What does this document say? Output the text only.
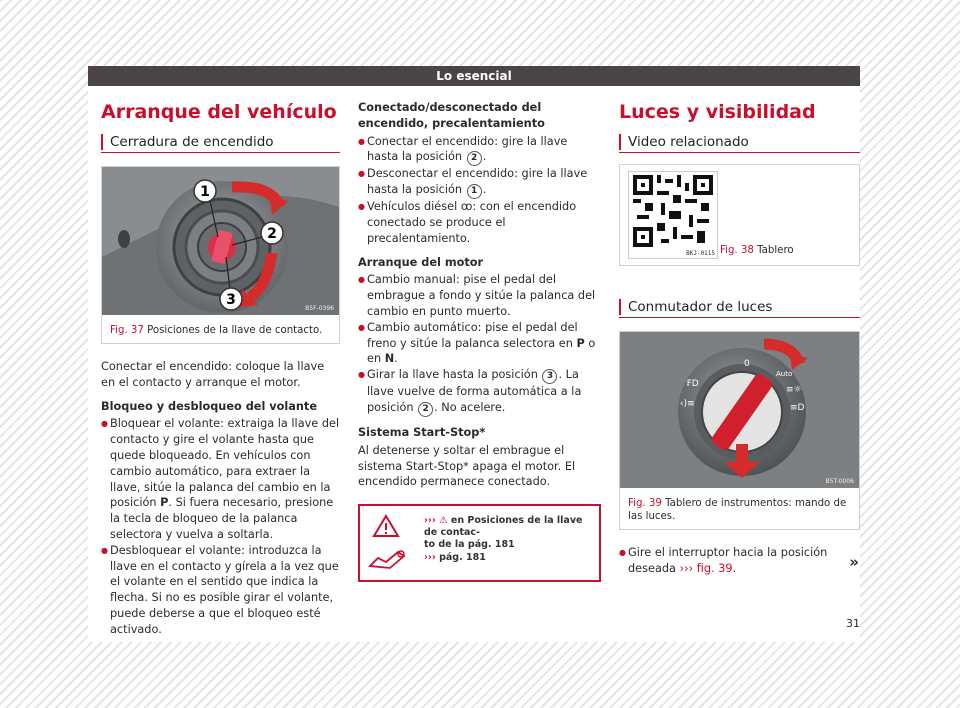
Lo esencial
Arranque del vehículo
Cerradura de encendido
1
2
3
B5F-0396
Fig. 37 Posiciones de la llave de contacto.

Conectar el encendido: coloque la llave en el contacto y arranque el motor.

Bloqueo y desbloqueo del volante

● Bloquear el volante: extraiga la llave del contacto y gire el volante hasta que quede bloqueado. En vehículos con cambio automático, para extraer la llave, sitúe la palanca del cambio en la posición P. Si fuera necesario, presione la tecla de bloqueo de la palanca selectora y vuelva a soltarla.

● Desbloquear el volante: introduzca la llave en el contacto y gírela a la vez que el volante en el sentido que indica la flecha. Si no es posible girar el volante, puede deberse a que el bloqueo esté activado.

Conectado/desconectado del encendido, precalentamiento

● Conectar el encendido: gire la llave hasta la posición 2 .

● Desconectar el encendido: gire la llave hasta la posición 1 .

● Vehículos diésel ꝏ: con el encendido conectado se produce el precalentamiento.

Arranque del motor

● Cambio manual: pise el pedal del embrague a fondo y sitúe la palanca del cambio en punto muerto.

● Cambio automático: pise el pedal del freno y sitúe la palanca selectora en P o en N.

● Girar la llave hasta la posición 3 . La llave vuelve de forma automática a la posición 2 . No acelere.

Sistema Start-Stop*

Al detenerse y soltar el embrague el sistema Start-Stop* apaga el motor. El encendido permanece conectado.

››› ⚠ en Posiciones de la llave de contac-
to de la pág. 181
››› pág. 181
Luces y visibilidad
Video relacionado
BKJ-0115 Fig. 38 Tablero
Conmutador de luces
0
Auto
₣D
‹)≡
≡☼
≡D
B5T-0006
Fig. 39 Tablero de instrumentos: mando de las luces.

● Gire el interruptor hacia la posición deseada ››› fig. 39.	»
31
